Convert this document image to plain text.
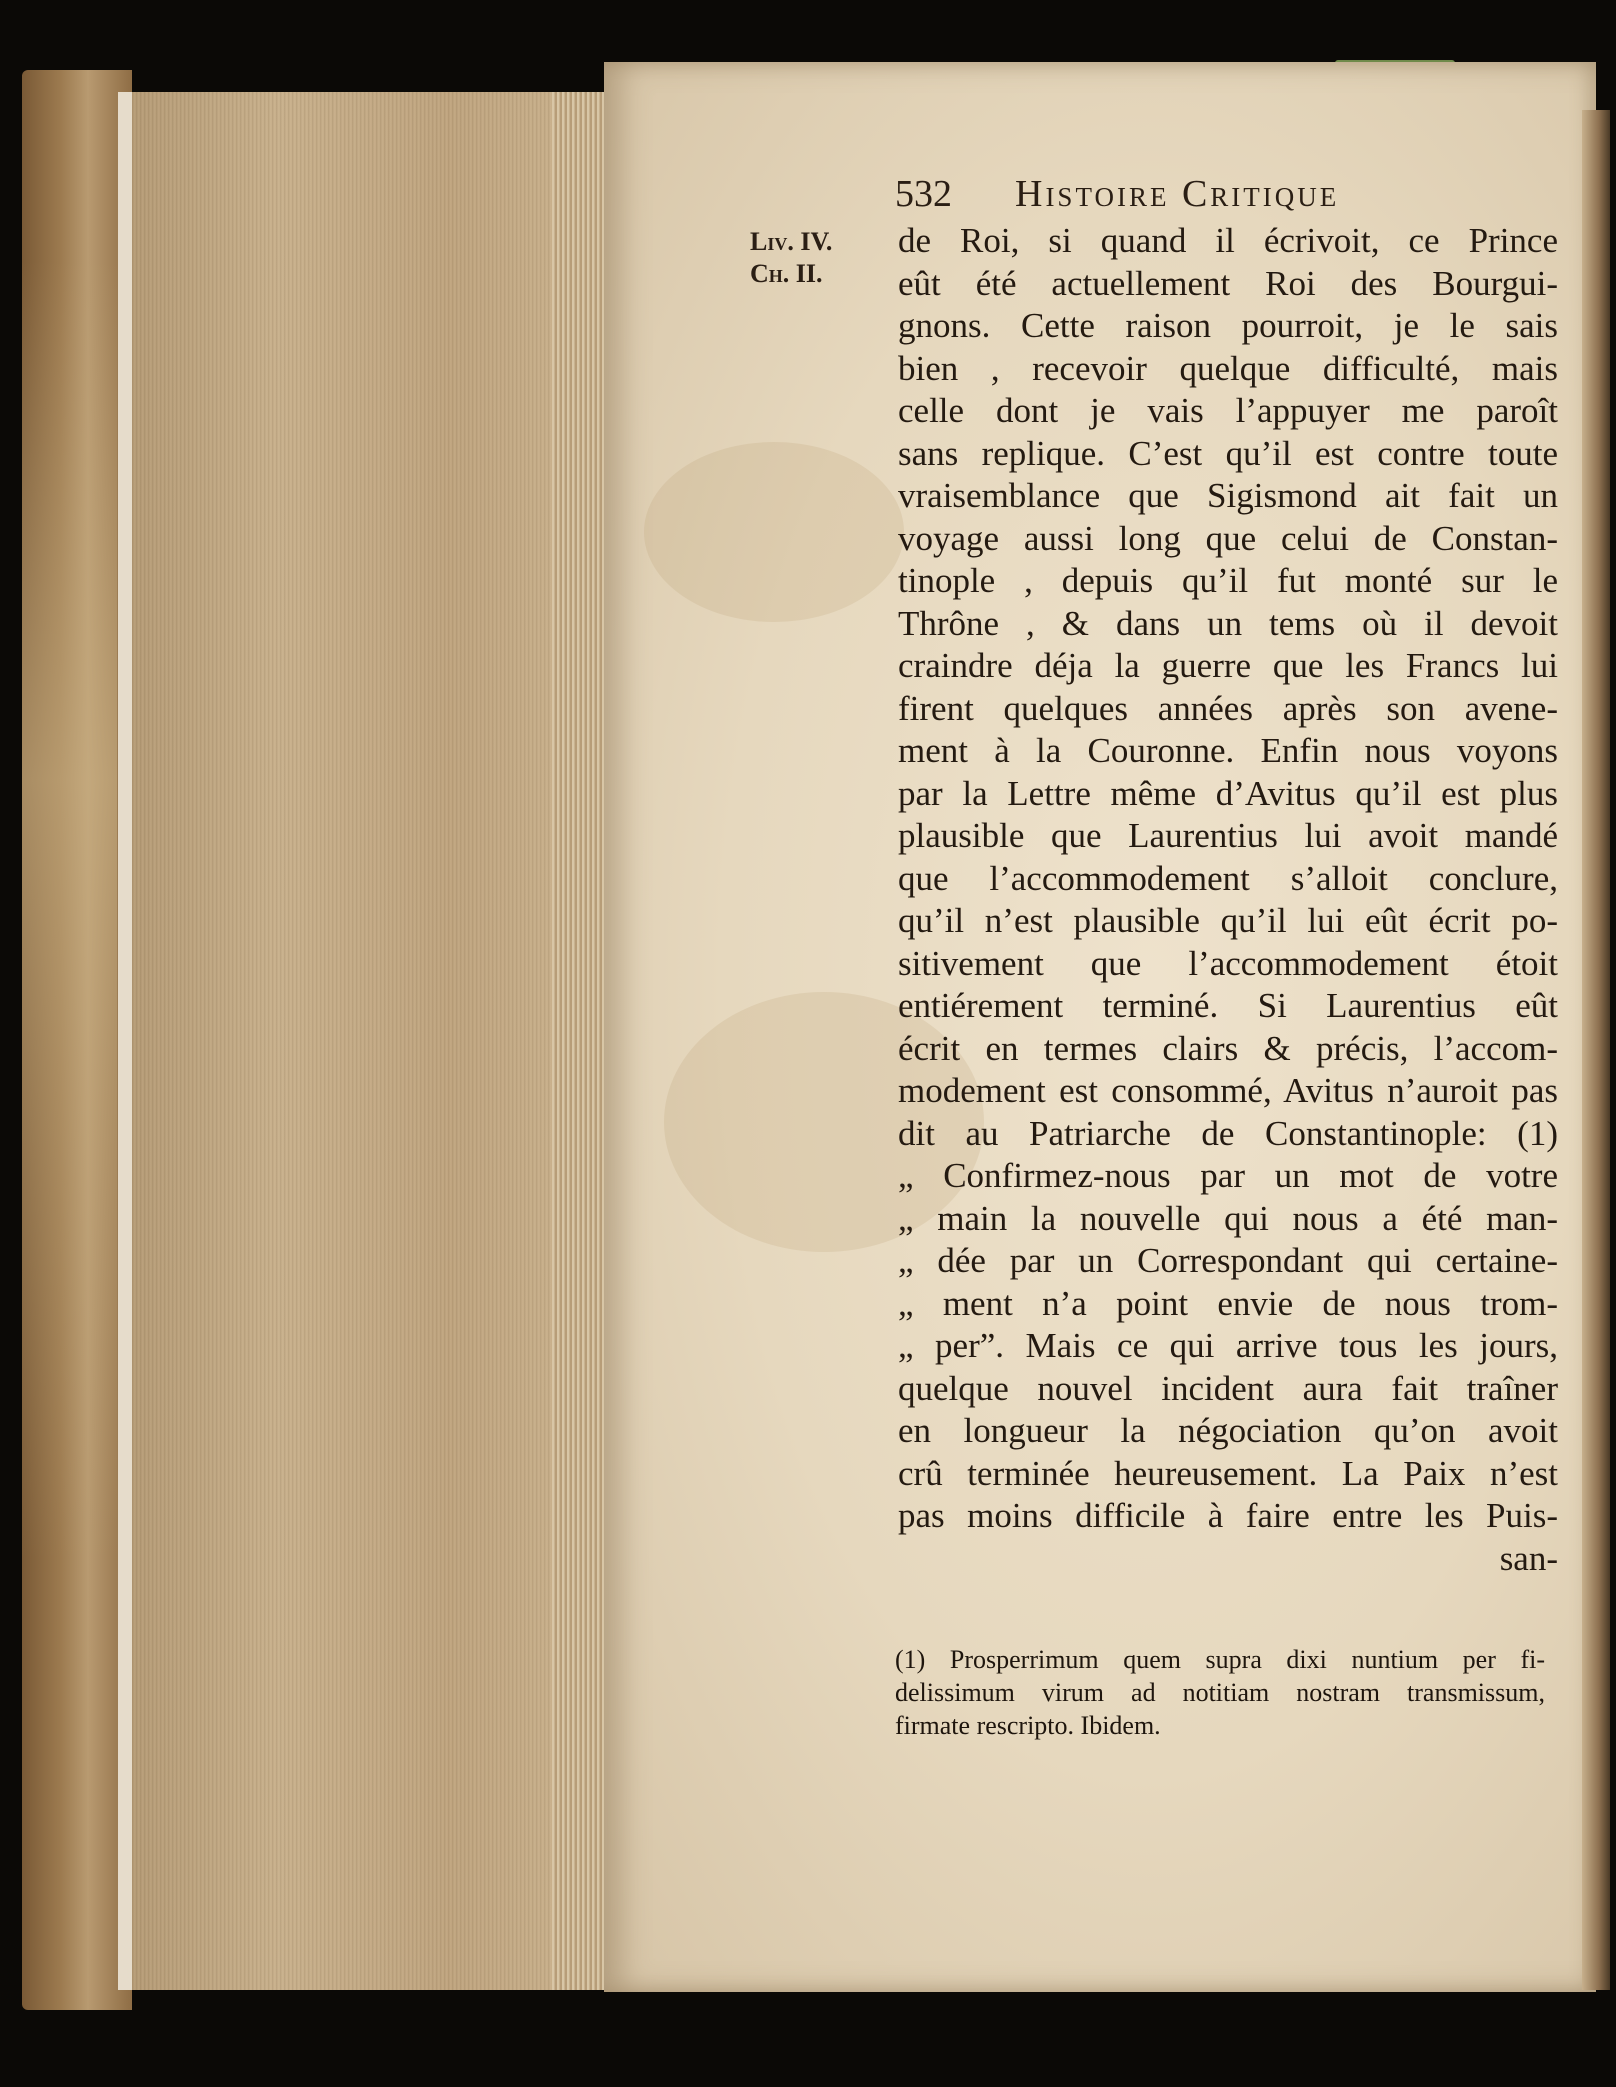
532 Histoire Critique
Liv. IV.
Ch. II.
de Roi, si quand il écrivoit, ce Prince
eût été actuellement Roi des Bourgui-
gnons. Cette raison pourroit, je le sais
bien , recevoir quelque difficulté, mais
celle dont je vais l’appuyer me paroît
sans replique. C’est qu’il est contre toute
vraisemblance que Sigismond ait fait un
voyage aussi long que celui de Constan-
tinople , depuis qu’il fut monté sur le
Thrône , & dans un tems où il devoit
craindre déja la guerre que les Francs lui
firent quelques années après son avene-
ment à la Couronne. Enfin nous voyons
par la Lettre même d’Avitus qu’il est plus
plausible que Laurentius lui avoit mandé
que l’accommodement s’alloit conclure,
qu’il n’est plausible qu’il lui eût écrit po-
sitivement que l’accommodement étoit
entiérement terminé. Si Laurentius eût
écrit en termes clairs & précis, l’accom-
modement est consommé, Avitus n’auroit pas
dit au Patriarche de Constantinople: (1)
„ Confirmez-nous par un mot de votre
„ main la nouvelle qui nous a été man-
„ dée par un Correspondant qui certaine-
„ ment n’a point envie de nous trom-
„ per”. Mais ce qui arrive tous les jours,
quelque nouvel incident aura fait traîner
en longueur la négociation qu’on avoit
crû terminée heureusement. La Paix n’est
pas moins difficile à faire entre les Puis-
san-
(1) Prosperrimum quem supra dixi nuntium per fi-
delissimum virum ad notitiam nostram transmissum,
firmate rescripto. Ibidem.
